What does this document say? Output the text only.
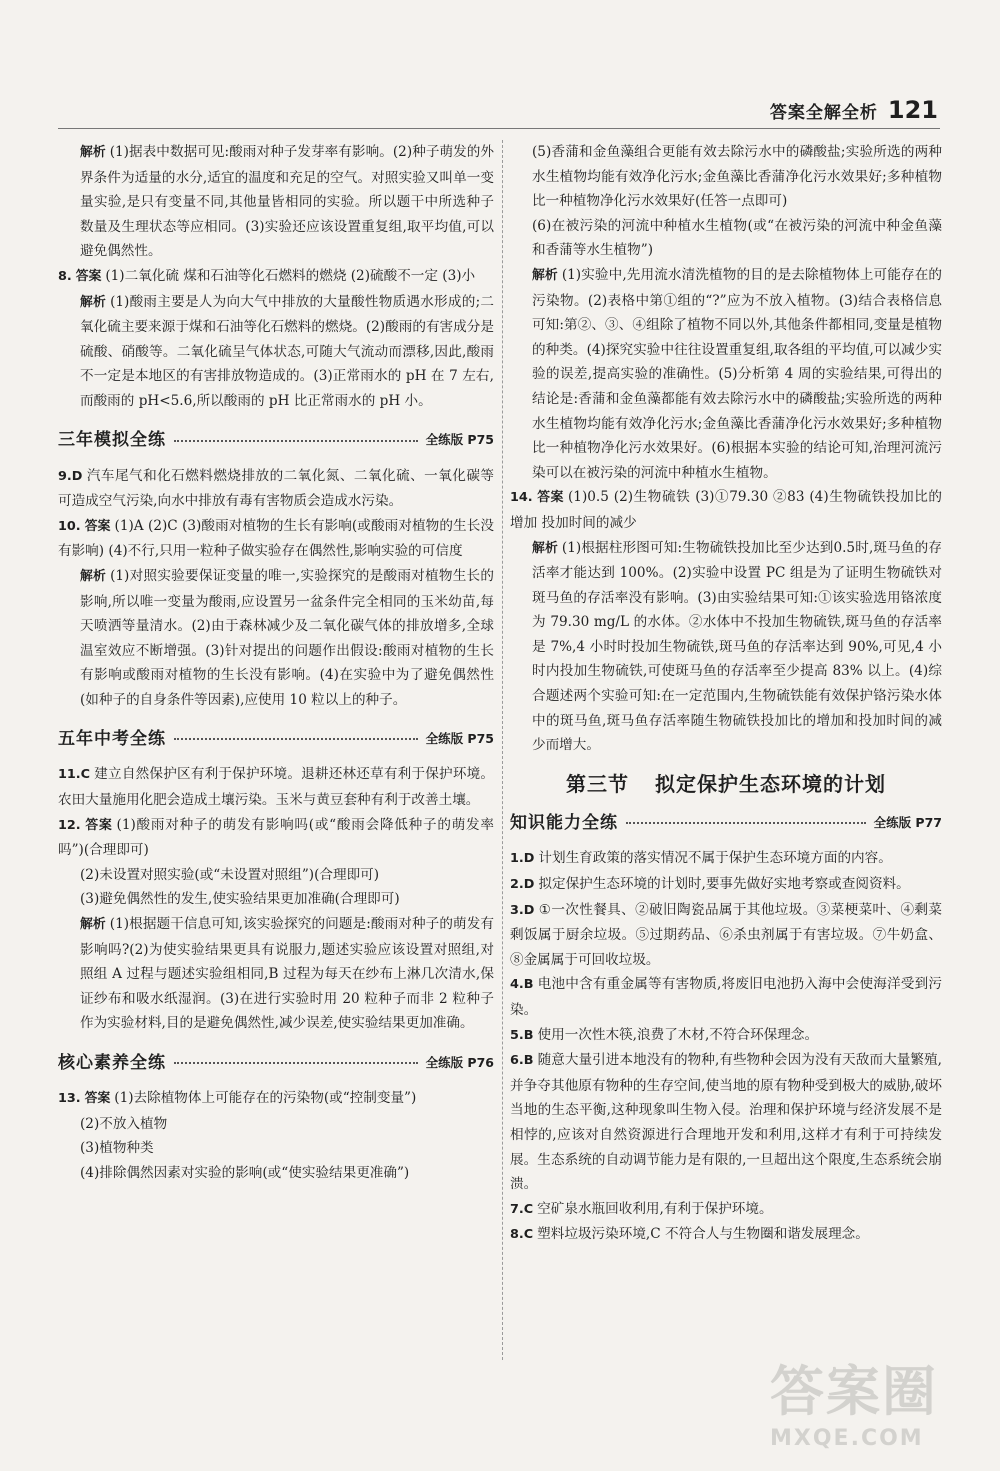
答案全解全析 121
解析 (1)据表中数据可见:酸雨对种子发芽率有影响。(2)种子萌发的外界条件为适量的水分,适宜的温度和充足的空气。对照实验又叫单一变量实验,是只有变量不同,其他量皆相同的实验。所以题干中所选种子数量及生理状态等应相同。(3)实验还应该设置重复组,取平均值,可以避免偶然性。
8. 答案 (1)二氧化硫 煤和石油等化石燃料的燃烧 (2)硫酸不一定 (3)小
解析 (1)酸雨主要是人为向大气中排放的大量酸性物质遇水形成的;二氧化硫主要来源于煤和石油等化石燃料的燃烧。(2)酸雨的有害成分是硫酸、硝酸等。二氧化硫呈气体状态,可随大气流动而漂移,因此,酸雨不一定是本地区的有害排放物造成的。(3)正常雨水的 pH 在 7 左右,而酸雨的 pH<5.6,所以酸雨的 pH 比正常雨水的 pH 小。
三年模拟全练	全练版 P75
9.D 汽车尾气和化石燃料燃烧排放的二氧化氮、二氧化硫、一氧化碳等可造成空气污染,向水中排放有毒有害物质会造成水污染。
10. 答案 (1)A (2)C (3)酸雨对植物的生长有影响(或酸雨对植物的生长没有影响) (4)不行,只用一粒种子做实验存在偶然性,影响实验的可信度
解析 (1)对照实验要保证变量的唯一,实验探究的是酸雨对植物生长的影响,所以唯一变量为酸雨,应设置另一盆条件完全相同的玉米幼苗,每天喷洒等量清水。(2)由于森林减少及二氧化碳气体的排放增多,全球温室效应不断增强。(3)针对提出的问题作出假设:酸雨对植物的生长有影响或酸雨对植物的生长没有影响。(4)在实验中为了避免偶然性(如种子的自身条件等因素),应使用 10 粒以上的种子。
五年中考全练	全练版 P75
11.C 建立自然保护区有利于保护环境。退耕还林还草有利于保护环境。农田大量施用化肥会造成土壤污染。玉米与黄豆套种有利于改善土壤。
12. 答案 (1)酸雨对种子的萌发有影响吗(或“酸雨会降低种子的萌发率吗”)(合理即可)
(2)未设置对照实验(或“未设置对照组”)(合理即可)
(3)避免偶然性的发生,使实验结果更加准确(合理即可)
解析 (1)根据题干信息可知,该实验探究的问题是:酸雨对种子的萌发有影响吗?(2)为使实验结果更具有说服力,题述实验应该设置对照组,对照组 A 过程与题述实验组相同,B 过程为每天在纱布上淋几次清水,保证纱布和吸水纸湿润。(3)在进行实验时用 20 粒种子而非 2 粒种子作为实验材料,目的是避免偶然性,减少误差,使实验结果更加准确。
核心素养全练	全练版 P76
13. 答案 (1)去除植物体上可能存在的污染物(或“控制变量”)
(2)不放入植物
(3)植物种类
(4)排除偶然因素对实验的影响(或“使实验结果更准确”)
(5)香蒲和金鱼藻组合更能有效去除污水中的磷酸盐;实验所选的两种水生植物均能有效净化污水;金鱼藻比香蒲净化污水效果好;多种植物比一种植物净化污水效果好(任答一点即可)
(6)在被污染的河流中种植水生植物(或“在被污染的河流中种金鱼藻和香蒲等水生植物”)
解析 (1)实验中,先用流水清洗植物的目的是去除植物体上可能存在的污染物。(2)表格中第①组的“?”应为不放入植物。(3)结合表格信息可知:第②、③、④组除了植物不同以外,其他条件都相同,变量是植物的种类。(4)探究实验中往往设置重复组,取各组的平均值,可以减少实验的误差,提高实验的准确性。(5)分析第 4 周的实验结果,可得出的结论是:香蒲和金鱼藻都能有效去除污水中的磷酸盐;实验所选的两种水生植物均能有效净化污水;金鱼藻比香蒲净化污水效果好;多种植物比一种植物净化污水效果好。(6)根据本实验的结论可知,治理河流污染可以在被污染的河流中种植水生植物。
14. 答案 (1)0.5 (2)生物硫铁 (3)①79.30 ②83 (4)生物硫铁投加比的增加 投加时间的减少
解析 (1)根据柱形图可知:生物硫铁投加比至少达到0.5时,斑马鱼的存活率才能达到 100%。(2)实验中设置 PC 组是为了证明生物硫铁对斑马鱼的存活率没有影响。(3)由实验结果可知:①该实验选用铬浓度为 79.30 mg/L 的水体。②水体中不投加生物硫铁,斑马鱼的存活率是 7%,4 小时时投加生物硫铁,斑马鱼的存活率达到 90%,可见,4 小时内投加生物硫铁,可使斑马鱼的存活率至少提高 83% 以上。(4)综合题述两个实验可知:在一定范围内,生物硫铁能有效保护铬污染水体中的斑马鱼,斑马鱼存活率随生物硫铁投加比的增加和投加时间的减少而增大。
第三节 拟定保护生态环境的计划
知识能力全练	全练版 P77
1.D 计划生育政策的落实情况不属于保护生态环境方面的内容。
2.D 拟定保护生态环境的计划时,要事先做好实地考察或查阅资料。
3.D ①一次性餐具、②破旧陶瓷品属于其他垃圾。③菜梗菜叶、④剩菜剩饭属于厨余垃圾。⑤过期药品、⑥杀虫剂属于有害垃圾。⑦牛奶盒、⑧金属属于可回收垃圾。
4.B 电池中含有重金属等有害物质,将废旧电池扔入海中会使海洋受到污染。
5.B 使用一次性木筷,浪费了木材,不符合环保理念。
6.B 随意大量引进本地没有的物种,有些物种会因为没有天敌而大量繁殖,并争夺其他原有物种的生存空间,使当地的原有物种受到极大的威胁,破坏当地的生态平衡,这种现象叫生物入侵。治理和保护环境与经济发展不是相悖的,应该对自然资源进行合理地开发和利用,这样才有利于可持续发展。生态系统的自动调节能力是有限的,一旦超出这个限度,生态系统会崩溃。
7.C 空矿泉水瓶回收利用,有利于保护环境。
8.C 塑料垃圾污染环境,C 不符合人与生物圈和谐发展理念。
答案圈
MXQE.COM
